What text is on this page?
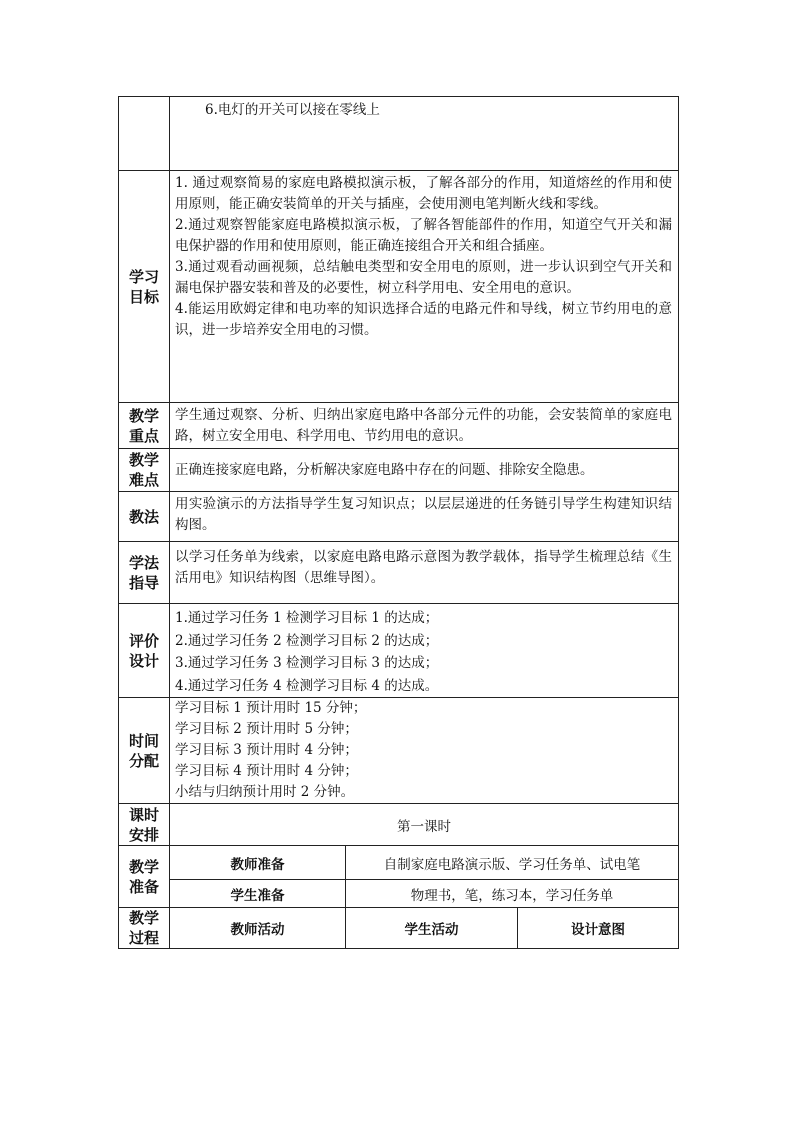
	6.电灯的开关可以接在零线上		
学习目标	1. 通过观察简易的家庭电路模拟演示板，了解各部分的作用，知道熔丝的作用和使用原则，能正确安装简单的开关与插座，会使用测电笔判断火线和零线。
2.通过观察智能家庭电路模拟演示板，了解各智能部件的作用，知道空气开关和漏电保护器的作用和使用原则，能正确连接组合开关和组合插座。
3.通过观看动画视频，总结触电类型和安全用电的原则，进一步认识到空气开关和漏电保护器安装和普及的必要性，树立科学用电、安全用电的意识。
4.能运用欧姆定律和电功率的知识选择合适的电路元件和导线，树立节约用电的意识，进一步培养安全用电的习惯。		

教学重点	学生通过观察、分析、归纳出家庭电路中各部分元件的功能，会安装简单的家庭电路，树立安全用电、科学用电、节约用电的意识。		
教学难点	正确连接家庭电路，分析解决家庭电路中存在的问题、排除安全隐患。		
教法	用实验演示的方法指导学生复习知识点；以层层递进的任务链引导学生构建知识结构图。		
学法指导	以学习任务单为线索，以家庭电路电路示意图为教学载体，指导学生梳理总结《生活用电》知识结构图（思维导图）。		
评价设计	1.通过学习任务 1 检测学习目标 1 的达成；
2.通过学习任务 2 检测学习目标 2 的达成；
3.通过学习任务 3 检测学习目标 3 的达成；
4.通过学习任务 4 检测学习目标 4 的达成。		

时间分配	学习目标 1 预计用时 15 分钟；
学习目标 2 预计用时 5 分钟；
学习目标 3 预计用时 4 分钟；
学习目标 4 预计用时 4 分钟；
小结与归纳预计用时 2 分钟。		

课时安排	第一课时		
教学准备	教师准备	自制家庭电路演示版、学习任务单、试电笔	
	学生准备	物理书，笔，练习本，学习任务单	
教学过程	教师活动	学生活动	设计意图
